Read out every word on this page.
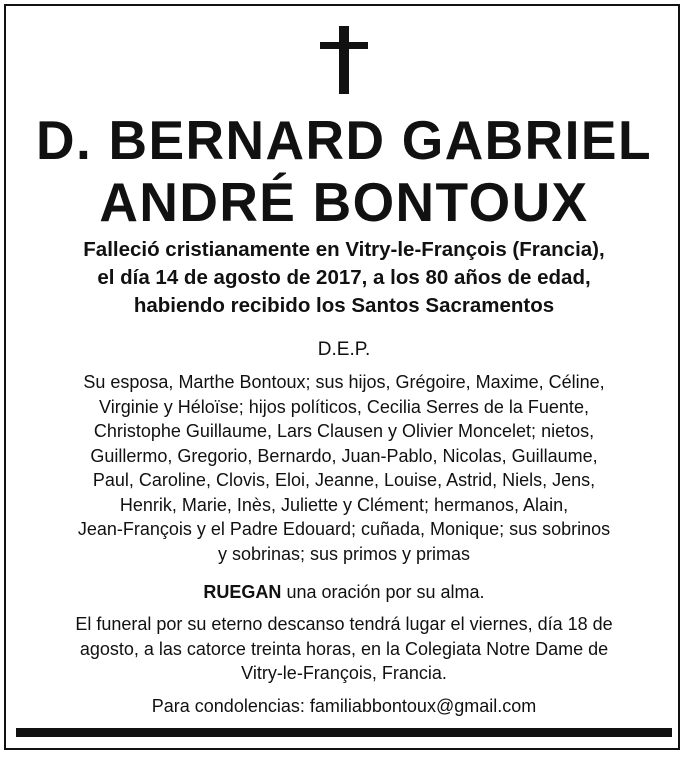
D. BERNARD GABRIEL
ANDRÉ BONTOUX
Falleció cristianamente en Vitry-le-François (Francia),
el día 14 de agosto de 2017, a los 80 años de edad,
habiendo recibido los Santos Sacramentos
D.E.P.
Su esposa, Marthe Bontoux; sus hijos, Grégoire, Maxime, Céline,
Virginie y Héloïse; hijos políticos, Cecilia Serres de la Fuente,
Christophe Guillaume, Lars Clausen y Olivier Moncelet; nietos,
Guillermo, Gregorio, Bernardo, Juan-Pablo, Nicolas, Guillaume,
Paul, Caroline, Clovis, Eloi, Jeanne, Louise, Astrid, Niels, Jens,
Henrik, Marie, Inès, Juliette y Clément; hermanos, Alain,
Jean-François y el Padre Edouard; cuñada, Monique; sus sobrinos
y sobrinas; sus primos y primas
RUEGAN una oración por su alma.
El funeral por su eterno descanso tendrá lugar el viernes, día 18 de
agosto, a las catorce treinta horas, en la Colegiata Notre Dame de
Vitry-le-François, Francia.
Para condolencias: familiabbontoux@gmail.com
